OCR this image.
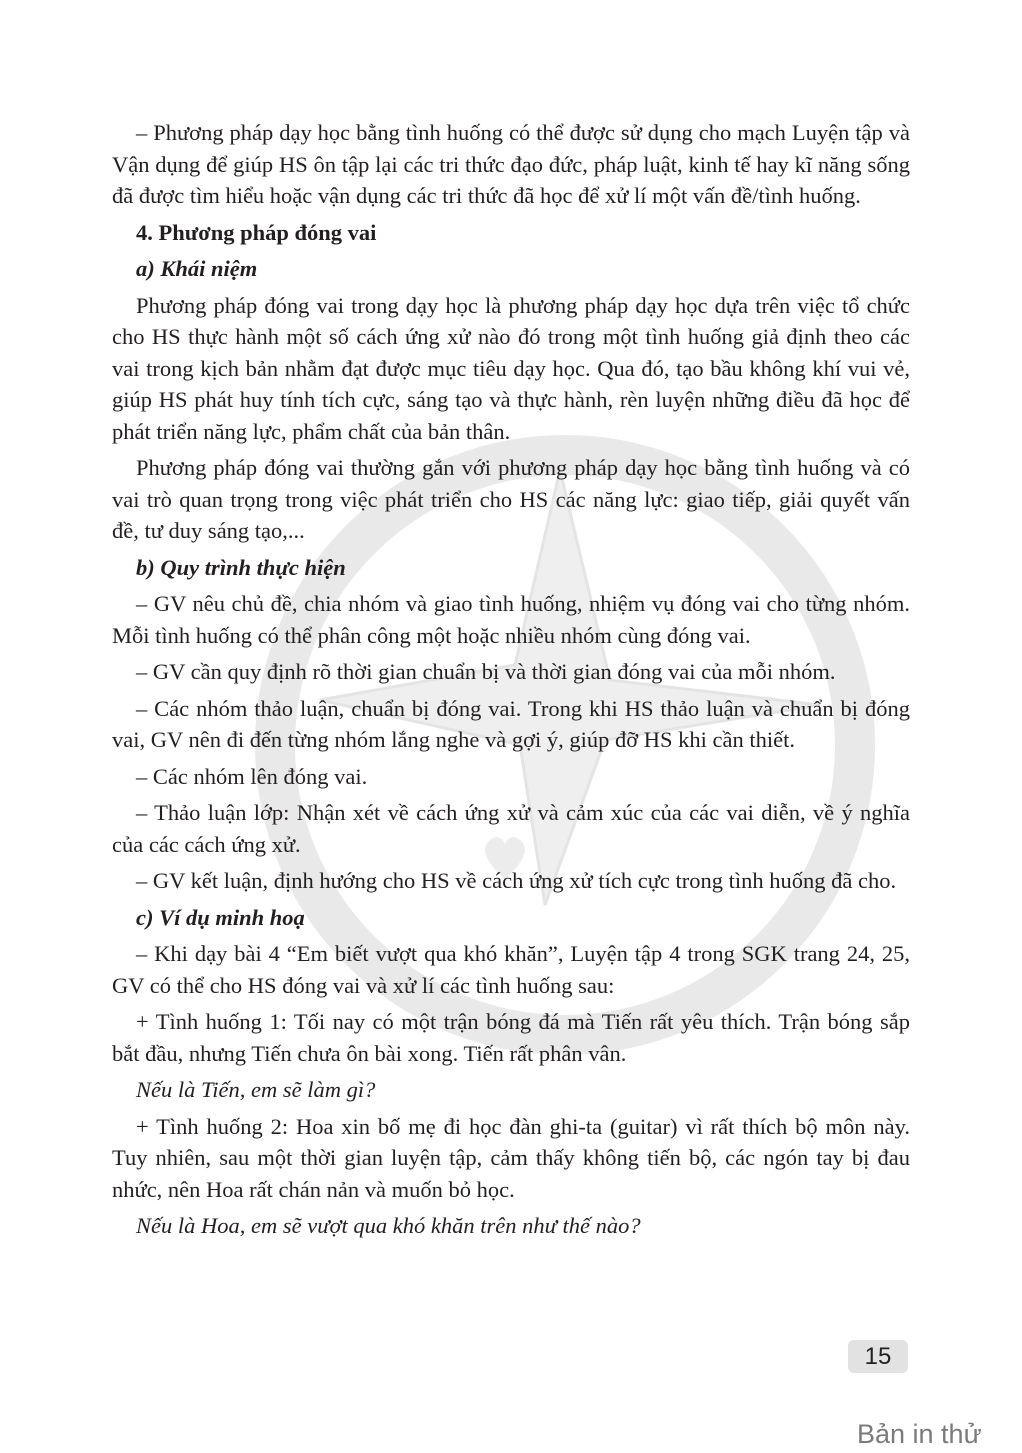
– Phương pháp dạy học bằng tình huống có thể được sử dụng cho mạch Luyện tập và Vận dụng để giúp HS ôn tập lại các tri thức đạo đức, pháp luật, kinh tế hay kĩ năng sống đã được tìm hiểu hoặc vận dụng các tri thức đã học để xử lí một vấn đề/tình huống.

4. Phương pháp đóng vai

a) Khái niệm

Phương pháp đóng vai trong dạy học là phương pháp dạy học dựa trên việc tổ chức cho HS thực hành một số cách ứng xử nào đó trong một tình huống giả định theo các vai trong kịch bản nhằm đạt được mục tiêu dạy học. Qua đó, tạo bầu không khí vui vẻ, giúp HS phát huy tính tích cực, sáng tạo và thực hành, rèn luyện những điều đã học để phát triển năng lực, phẩm chất của bản thân.

Phương pháp đóng vai thường gắn với phương pháp dạy học bằng tình huống và có vai trò quan trọng trong việc phát triển cho HS các năng lực: giao tiếp, giải quyết vấn đề, tư duy sáng tạo,...

b) Quy trình thực hiện

– GV nêu chủ đề, chia nhóm và giao tình huống, nhiệm vụ đóng vai cho từng nhóm. Mỗi tình huống có thể phân công một hoặc nhiều nhóm cùng đóng vai.

– GV cần quy định rõ thời gian chuẩn bị và thời gian đóng vai của mỗi nhóm.

– Các nhóm thảo luận, chuẩn bị đóng vai. Trong khi HS thảo luận và chuẩn bị đóng vai, GV nên đi đến từng nhóm lắng nghe và gợi ý, giúp đỡ HS khi cần thiết.

– Các nhóm lên đóng vai.

– Thảo luận lớp: Nhận xét về cách ứng xử và cảm xúc của các vai diễn, về ý nghĩa của các cách ứng xử.

– GV kết luận, định hướng cho HS về cách ứng xử tích cực trong tình huống đã cho.

c) Ví dụ minh hoạ

– Khi dạy bài 4 “Em biết vượt qua khó khăn”, Luyện tập 4 trong SGK trang 24, 25, GV có thể cho HS đóng vai và xử lí các tình huống sau:

+ Tình huống 1: Tối nay có một trận bóng đá mà Tiến rất yêu thích. Trận bóng sắp bắt đầu, nhưng Tiến chưa ôn bài xong. Tiến rất phân vân.

Nếu là Tiến, em sẽ làm gì?

+ Tình huống 2: Hoa xin bố mẹ đi học đàn ghi-ta (guitar) vì rất thích bộ môn này. Tuy nhiên, sau một thời gian luyện tập, cảm thấy không tiến bộ, các ngón tay bị đau nhức, nên Hoa rất chán nản và muốn bỏ học.

Nếu là Hoa, em sẽ vượt qua khó khăn trên như thế nào?

15
Bản in thử
